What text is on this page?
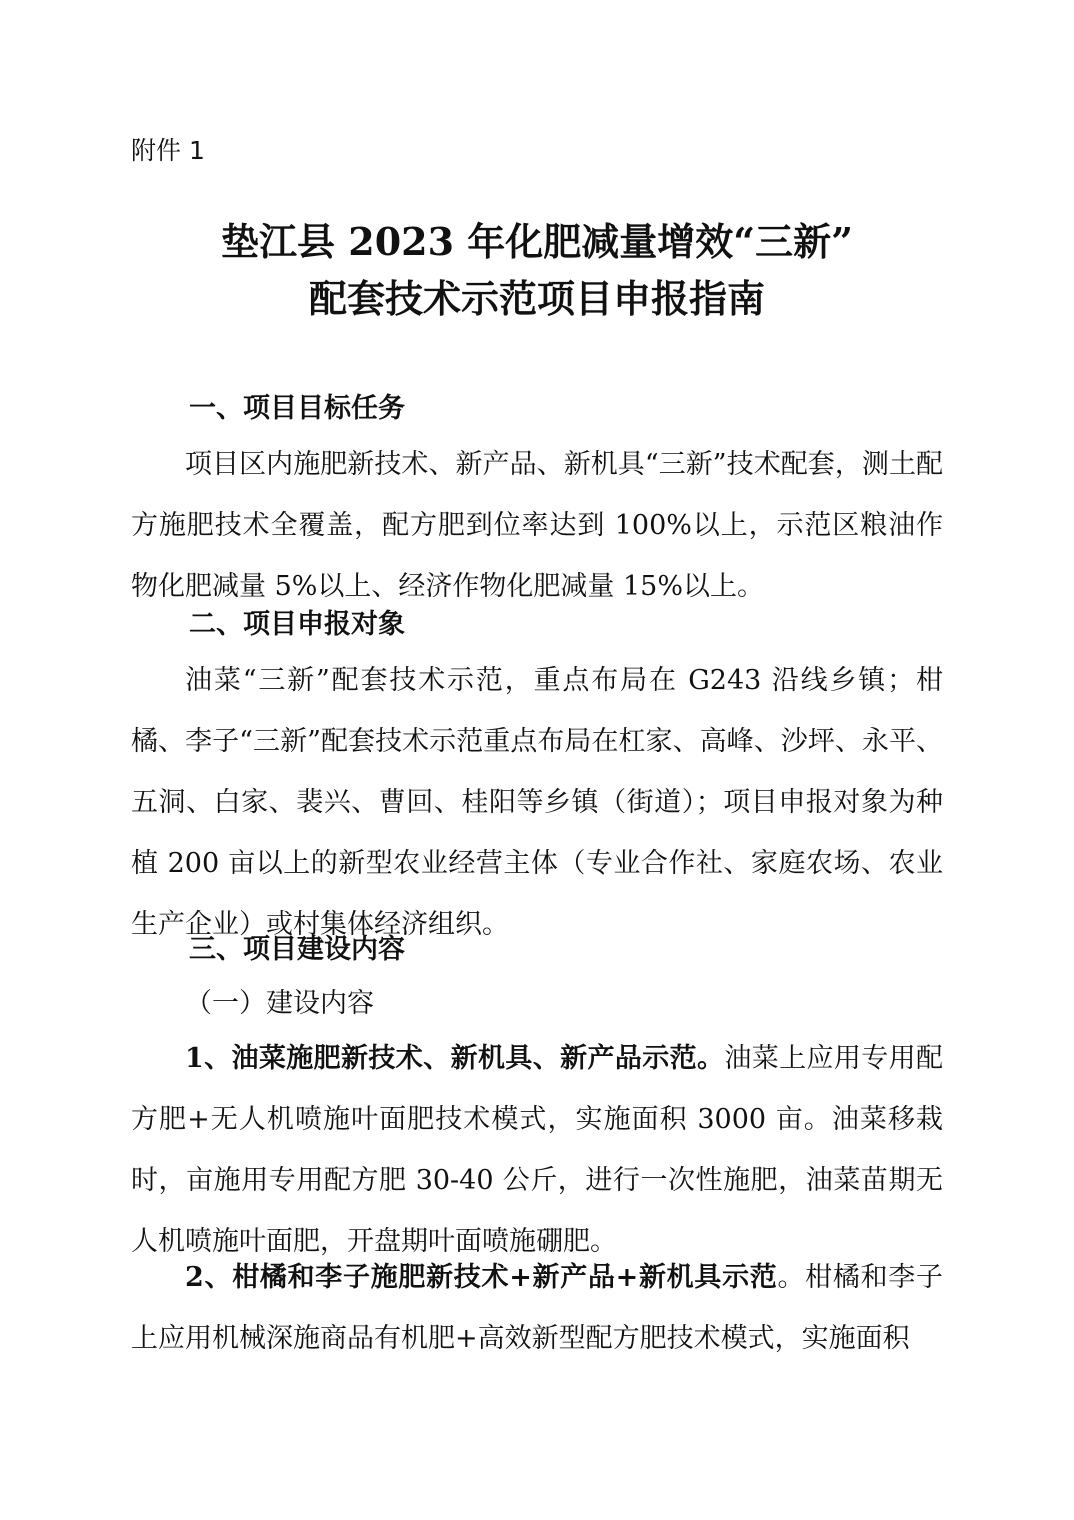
附件 1

垫江县 2023 年化肥减量增效“三新”
配套技术示范项目申报指南
一、项目目标任务

项目区内施肥新技术、新产品、新机具“三新”技术配套，测土配方施肥技术全覆盖，配方肥到位率达到 100%以上，示范区粮油作物化肥减量 5%以上、经济作物化肥减量 15%以上。

二、项目申报对象

油菜“三新”配套技术示范，重点布局在 G243 沿线乡镇；柑橘、李子“三新”配套技术示范重点布局在杠家、高峰、沙坪、永平、五洞、白家、裴兴、曹回、桂阳等乡镇（街道）；项目申报对象为种植 200 亩以上的新型农业经营主体（专业合作社、家庭农场、农业生产企业）或村集体经济组织。

三、项目建设内容

（一）建设内容

1、油菜施肥新技术、新机具、新产品示范。油菜上应用专用配方肥+无人机喷施叶面肥技术模式，实施面积 3000 亩。油菜移栽时，亩施用专用配方肥 30-40 公斤，进行一次性施肥，油菜苗期无人机喷施叶面肥，开盘期叶面喷施硼肥。

2、柑橘和李子施肥新技术+新产品+新机具示范。柑橘和李子上应用机械深施商品有机肥+高效新型配方肥技术模式，实施面积
